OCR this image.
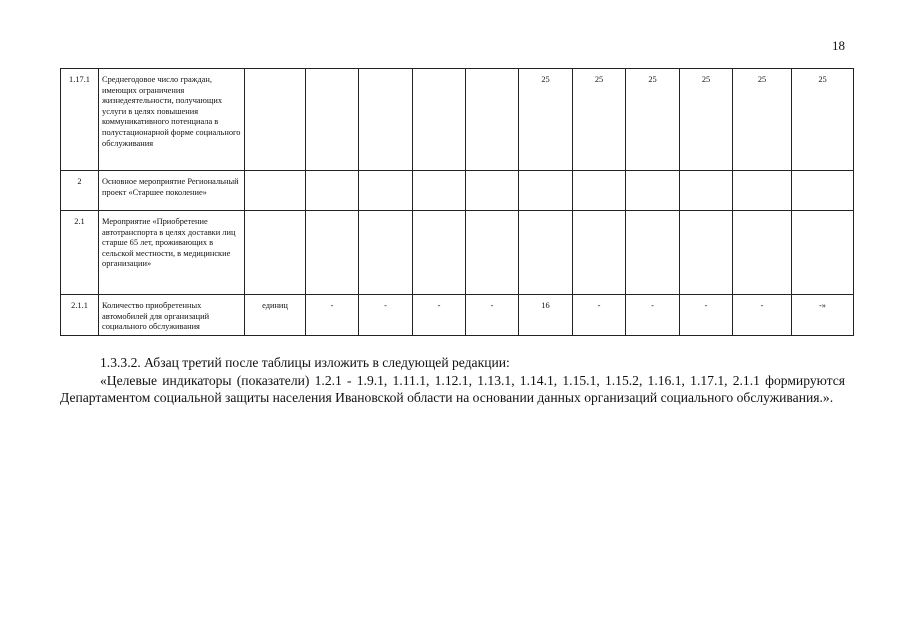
18
1.17.1	Среднегодовое число граждан, имеющих ограничения жизнедеятельности, получающих услуги в целях повышения коммуникативного потенциала в полустационарной форме социального обслуживания						25	25	25	25	25	25
2	Основное мероприятие Региональный проект «Старшее поколение»											
2.1	Мероприятие «Приобретение автотранспорта в целях доставки лиц старше 65 лет, проживающих в сельской местности, в медицинские организации»											
2.1.1	Количество приобретенных автомобилей для организаций социального обслуживания	единиц	-	-	-	-	16	-	-	-	-	-»

1.3.3.2. Абзац третий после таблицы изложить в следующей редакции:

«Целевые индикаторы (показатели) 1.2.1 - 1.9.1, 1.11.1, 1.12.1, 1.13.1, 1.14.1, 1.15.1, 1.15.2, 1.16.1, 1.17.1, 2.1.1 формируются Департаментом социальной защиты населения Ивановской области на основании данных организаций социального обслуживания.».
